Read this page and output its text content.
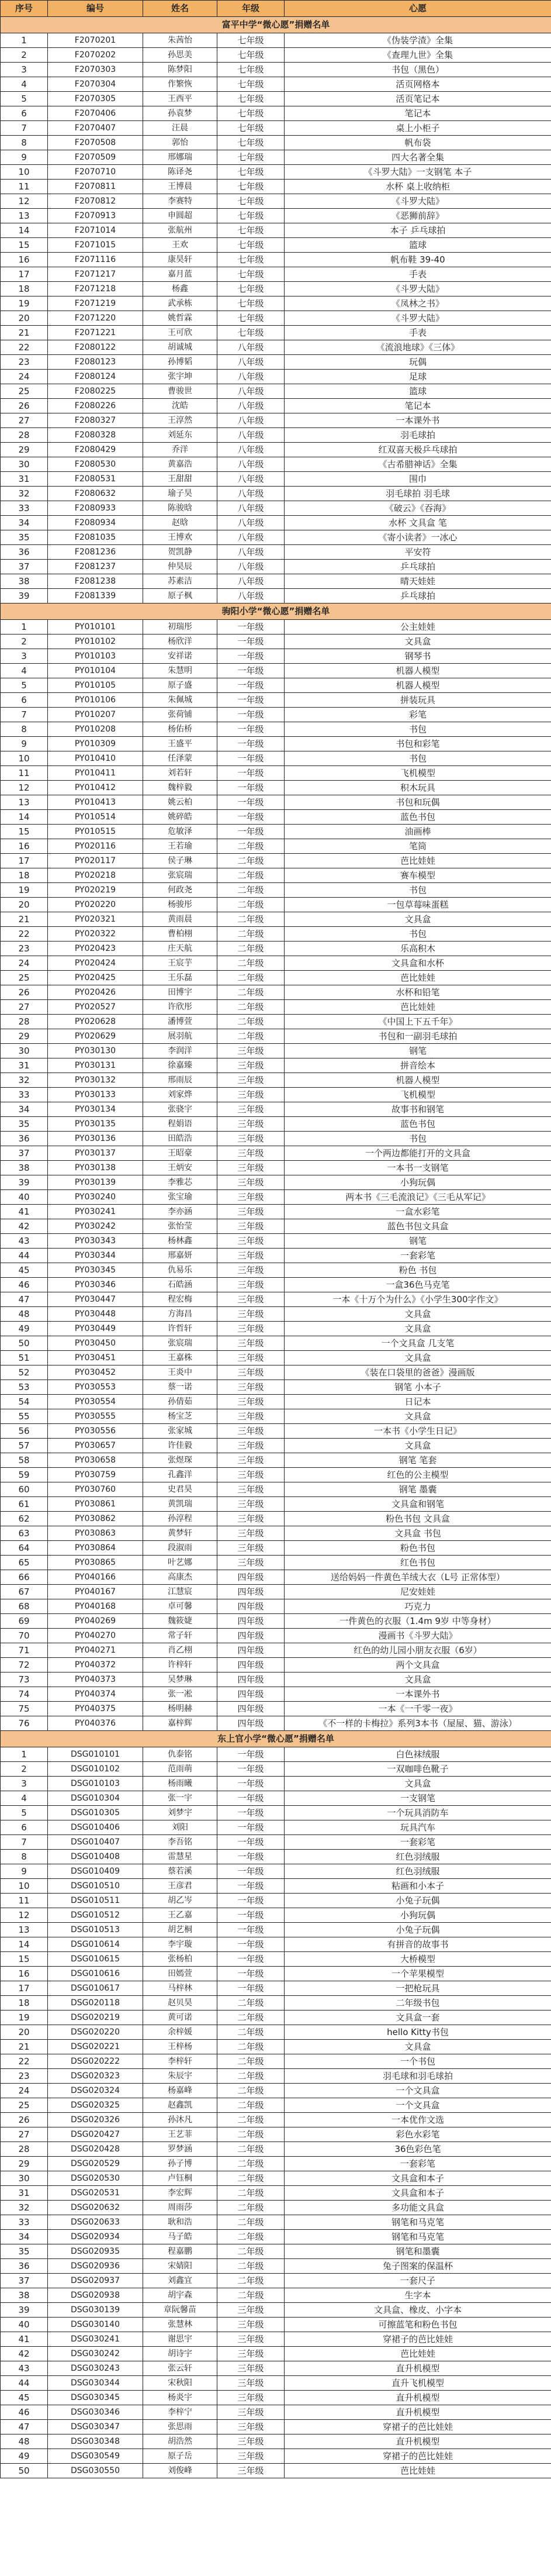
序号	编号	姓名	年级	心愿
富平中学“微心愿”捐赠名单				
1	F2070201	朱茜怡	七年级	《伪装学渣》全集
2	F2070202	孙思美	七年级	《查理九世》全集
3	F2070303	陈梦阳	七年级	书包（黑色）
4	F2070304	作繁恢	七年级	活页网格本
5	F2070305	王西平	七年级	活页笔记本
6	F2070406	孙袁梦	七年级	笔记本
7	F2070407	汪晨	七年级	桌上小柜子
8	F2070508	郭怡	七年级	帆布袋
9	F2070509	邢娜瑞	七年级	四大名著全集
10	F2070710	陈译尧	七年级	《斗罗大陆》一支钢笔 本子
11	F2070811	王博晨	七年级	水杯 桌上收纳柜
12	F2070812	李赛特	七年级	《斗罗大陆》
13	F2070913	申圆超	七年级	《恶狮前辞》
14	F2071014	张航州	七年级	本子 乒乓球拍
15	F2071015	王欢	七年级	篮球
16	F2071116	康昊轩	七年级	帆布鞋 39-40
17	F2071217	嘉月蓝	七年级	手表
18	F2071218	杨鑫	七年级	《斗罗大陆》
19	F2071219	武承栋	七年级	《凤林之书》
20	F2071220	姚哲霖	七年级	《斗罗大陆》
21	F2071221	王可欣	七年级	手表
22	F2080122	胡诚城	八年级	《流浪地球》《三体》
23	F2080123	孙博韬	八年级	玩偶
24	F2080124	张宇坤	八年级	足球
25	F2080225	曹骏世	八年级	篮球
26	F2080226	沈皓	八年级	笔记本
27	F2080327	王淳然	八年级	一本课外书
28	F2080328	刘延东	八年级	羽毛球拍
29	F2080429	乔洋	八年级	红双喜天极乒乓球拍
30	F2080530	黄嘉浩	八年级	《古希腊神话》全集
31	F2080531	王甜甜	八年级	围巾
32	F2080632	瑜子昊	八年级	羽毛球拍 羽毛球
33	F2080933	陈骏晗	八年级	《破云》《吞海》
34	F2080934	赵晗	八年级	水杯 文具盒 笔
35	F2081035	王博欢	八年级	《寄小读者》一冰心
36	F2081236	贺凯静	八年级	平安符
37	F2081237	仲昊辰	八年级	乒乓球拍
38	F2081238	苏素洁	八年级	晴天娃娃
39	F2081339	原子枫	八年级	乒乓球拍
驹阳小学“微心愿”捐赠名单				
1	PY010101	初瑞彤	一年级	公主娃娃
2	PY010102	杨欣洋	一年级	文具盒
3	PY010103	安祥诺	一年级	钢琴书
4	PY010104	朱慧明	一年级	机器人模型
5	PY010105	原子盛	一年级	机器人模型
6	PY010106	朱佩城	一年级	拼装玩具
7	PY010207	张荷铺	一年级	彩笔
8	PY010208	杨佑桥	一年级	书包
9	PY010309	王盛平	一年级	书包和彩笔
10	PY010410	任泽蒙	一年级	书包
11	PY010411	刘若轩	一年级	飞机模型
12	PY010412	魏梓毅	一年级	积木玩具
13	PY010413	姚云柏	一年级	书包和玩偶
14	PY010514	姚碎皓	一年级	蓝色书包
15	PY010515	危敏泽	一年级	油画棒
16	PY020116	王若瑜	二年级	笔筒
17	PY020117	侯子琳	二年级	芭比娃娃
18	PY020218	张宸瑞	二年级	赛车模型
19	PY020219	何政尧	二年级	书包
20	PY020220	杨骏彤	二年级	一包草莓味蛋糕
21	PY020321	黄雨晨	二年级	文具盒
22	PY020322	曹柏栩	二年级	书包
23	PY020423	庄天航	二年级	乐高积木
24	PY020424	王宸芋	二年级	文具盒和水杯
25	PY020425	王乐磊	二年级	芭比娃娃
26	PY020426	田博宇	二年级	水杯和铅笔
27	PY020527	许欣彤	二年级	芭比娃娃
28	PY020628	潘博萱	二年级	《中国上下五千年》
29	PY020629	展羽航	二年级	书包和一副羽毛球拍
30	PY030130	李润洋	三年级	钢笔
31	PY030131	徐嘉臻	三年级	拼音绘本
32	PY030132	邢雨辰	三年级	机器人模型
33	PY030133	刘家烨	三年级	飞机模型
34	PY030134	张骁宇	三年级	故事书和钢笔
35	PY030135	程娟语	三年级	蓝色书包
36	PY030136	田皓浩	三年级	书包
37	PY030137	王昭豪	三年级	一个两边都能打开的文具盒
38	PY030138	王炳安	三年级	一本书一支钢笔
39	PY030139	李雅芯	三年级	小狗玩偶
40	PY030240	张宝瑜	三年级	两本书《三毛流浪记》《三毛从军记》
41	PY030241	李亦涵	三年级	一盒水彩笔
42	PY030242	张怡莹	三年级	蓝色书包文具盒
43	PY030343	杨林鑫	三年级	钢笔
44	PY030344	邢嘉妍	三年级	一套彩笔
45	PY030345	仇易乐	三年级	粉色 书包
46	PY030346	石皓涵	三年级	一盒36色马克笔
47	PY030447	程宏梅	三年级	一本《十万个为什么》《小学生300字作文》
48	PY030448	方海昌	三年级	文具盒
49	PY030449	许哲轩	三年级	文具盒
50	PY030450	张宸瑞	三年级	一个文具盒 几支笔
51	PY030451	王嘉株	三年级	文具盒
52	PY030452	王炎中	三年级	《装在口袋里的爸爸》漫画版
53	PY030553	蔡一诺	三年级	钢笔 小本子
54	PY030554	孙倩茹	三年级	日记本
55	PY030555	杨宝芝	三年级	文具盒
56	PY030556	张家城	三年级	一本书《小学生日记》
57	PY030657	许佳毅	三年级	文具盒
58	PY030658	张煜琛	三年级	钢笔 笔套
59	PY030759	孔鑫洋	三年级	红色的公主模型
60	PY030760	史君昊	三年级	钢笔 墨囊
61	PY030861	黄凯瑞	三年级	文具盒和钢笔
62	PY030862	孙淳程	三年级	粉色书包 文具盒
63	PY030863	黄梦轩	三年级	文具盒 书包
64	PY030864	段淑雨	三年级	粉色书包
65	PY030865	叶艺娜	三年级	红色书包
66	PY040166	高康杰	四年级	送给妈妈一件黄色羊绒大衣（L号 正常体型）
67	PY040167	江慧宸	四年级	尼安娃娃
68	PY040168	卓可馨	四年级	巧克力
69	PY040269	魏筱婕	四年级	一件黄色的衣服（1.4m 9岁 中等身材）
70	PY040270	常子轩	四年级	漫画书《斗罗大陆》
71	PY040271	肖乙栩	四年级	红色的幼儿园小朋友衣服（6岁）
72	PY040372	许梓轩	四年级	两个文具盒
73	PY040373	吴梦琳	四年级	文具盒
74	PY040374	张一凇	四年级	一本课外书
75	PY040375	杨明赫	四年级	一本《一千零一夜》
76	PY040376	嘉梓辉	四年级	《不一样的卡梅拉》系列3本书（屋屋、猫、游泳）
东上官小学“微心愿”捐赠名单				
1	DSG010101	仇泰铭	一年级	白色袜绒服
2	DSG010102	范雨萌	一年级	一双咖啡色靴子
3	DSG010103	杨雨曦	一年级	文具盒
4	DSG010304	张一宇	一年级	一支钢笔
5	DSG010305	刘梦宇	一年级	一个玩具消防车
6	DSG010406	刘阳	一年级	玩具汽车
7	DSG010407	李吾铭	一年级	一套彩笔
8	DSG010408	雷慧星	一年级	红色羽绒服
9	DSG010409	蔡若溪	一年级	红色羽绒服
10	DSG010510	王彦君	一年级	粘画和小本子
11	DSG010511	胡乙岑	一年级	小兔子玩偶
12	DSG010512	王乙嘉	一年级	小狗玩偶
13	DSG010513	胡艺桐	一年级	小兔子玩偶
14	DSG010614	李宇璇	一年级	有拼音的故事书
15	DSG010615	张杨柏	一年级	大桥模型
16	DSG010616	田嫣萱	一年级	一个苹果模型
17	DSG010617	马梓林	一年级	一把枪玩具
18	DSG020118	赵贝昊	二年级	二年级书包
19	DSG020219	黄可诺	二年级	文具盒一套
20	DSG020220	余梓媛	二年级	hello Kitty书包
21	DSG020221	王梓杨	二年级	文具盒
22	DSG020222	李梓轩	二年级	一个书包
23	DSG020323	朱辰宇	二年级	羽毛球和羽毛球拍
24	DSG020324	杨嘉峰	二年级	一个文具盒
25	DSG020325	赵鑫凯	二年级	一个文具盒
26	DSG020326	孙沐凡	二年级	一本优作文选
27	DSG020427	王艺菲	二年级	彩色水彩笔
28	DSG020428	罗梦涵	二年级	36色彩色笔
29	DSG020529	孙子博	二年级	一套彩笔
30	DSG020530	卢钰桐	二年级	文具盒和本子
31	DSG020531	李宏辉	二年级	文具盒和本子
32	DSG020632	周雨莎	二年级	多功能文具盒
33	DSG020633	耿和浩	二年级	钢笔和马克笔
34	DSG020934	马子皓	二年级	钢笔和马克笔
35	DSG020935	程嘉鹏	二年级	钢笔和墨囊
36	DSG020936	宋婧阳	二年级	兔子图案的保温杯
37	DSG020937	刘鑫宜	二年级	一套尺子
38	DSG020938	胡宇森	二年级	生字本
39	DSG030139	章阮馨苗	三年级	文具盒、橡皮、小字本
40	DSG030140	张慧林	三年级	可擦蓝笔和粉色书包
41	DSG030241	谢思宇	三年级	穿裙子的芭比娃娃
42	DSG030242	胡诗宇	三年级	芭比娃娃
43	DSG030243	张云轩	三年级	直升机模型
44	DSG030344	宋秋阳	三年级	直升飞机模型
45	DSG030345	杨炎宇	三年级	直升机模型
46	DSG030346	李梓宁	三年级	直升机模型
47	DSG030347	张思雨	三年级	穿裙子的芭比娃娃
48	DSG030348	胡浩然	三年级	直升机模型
49	DSG030549	原子岳	三年级	穿裙子的芭比娃娃
50	DSG030550	刘俊峰	三年级	芭比娃娃
